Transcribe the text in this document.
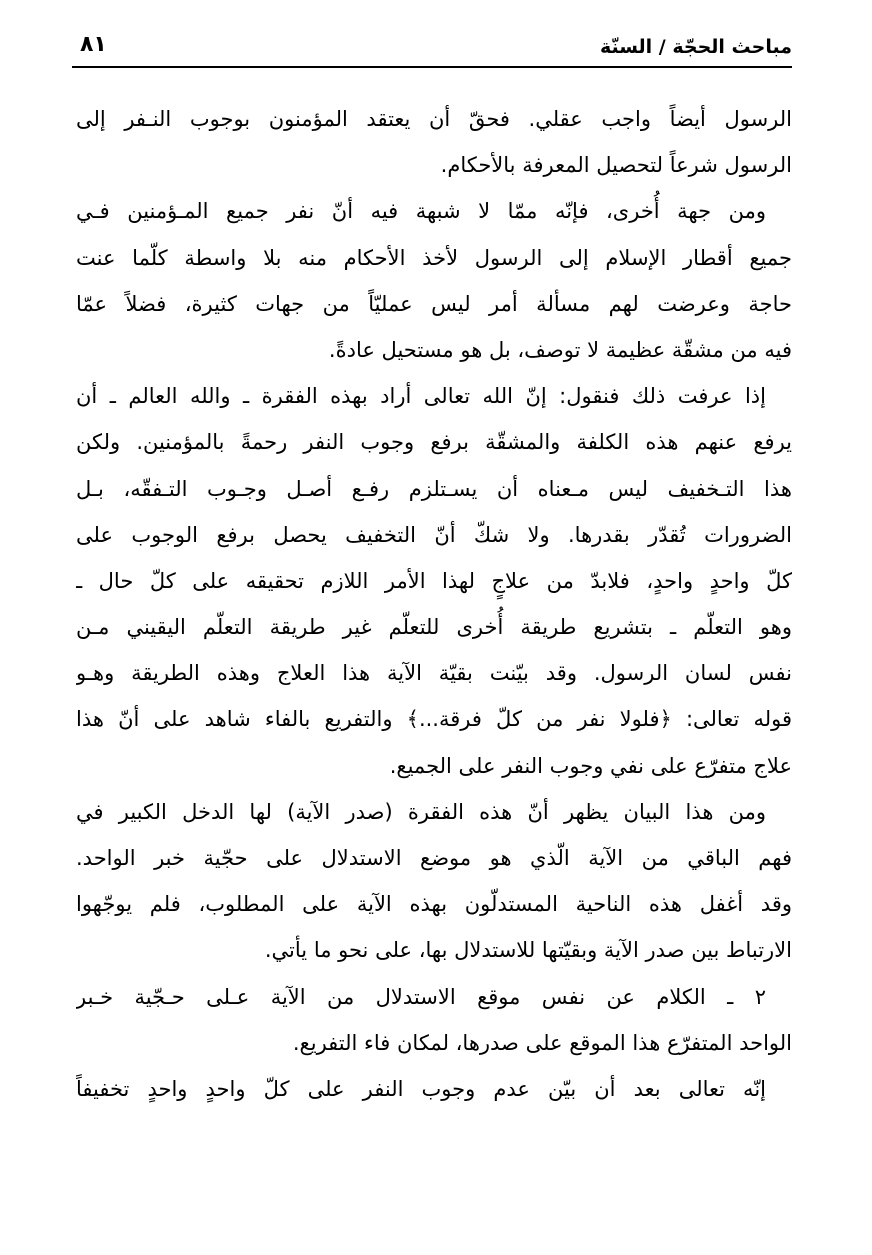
مباحث الحجّة / السنّة
٨١
الرسول أيضاً واجب عقلي. فحقّ أن يعتقد المؤمنون بوجوب النـفر إلى
الرسول شرعاً لتحصيل المعرفة بالأحكام.
ومن جهة أُخرى، فإنّه ممّا لا شبهة فيه أنّ نفر جميع المـؤمنين فـي
جميع أقطار الإسلام إلى الرسول لأخذ الأحكام منه بلا واسطة كلّما عنت
حاجة وعرضت لهم مسألة أمر ليس عمليّاً من جهات كثيرة، فضلاً عمّا
فيه من مشقّة عظيمة لا توصف، بل هو مستحيل عادةً.
إذا عرفت ذلك فنقول: إنّ الله تعالى أراد بهذه الفقرة ـ والله العالم ـ أن
يرفع عنهم هذه الكلفة والمشقّة برفع وجوب النفر رحمةً بالمؤمنين. ولكن
هذا التـخفيف ليس مـعناه أن يسـتلزم رفـع أصـل وجـوب التـفقّه، بـل
الضرورات تُقدّر بقدرها. ولا شكّ أنّ التخفيف يحصل برفع الوجوب على
كلّ واحدٍ واحدٍ، فلابدّ من علاجٍ لهذا الأمر اللازم تحقيقه على كلّ حال ـ
وهو التعلّم ـ بتشريع طريقة أُخرى للتعلّم غير طريقة التعلّم اليقيني مـن
نفس لسان الرسول. وقد بيّنت بقيّة الآية هذا العلاج وهذه الطريقة وهـو
قوله تعالى: ﴿فلولا نفر من كلّ فرقة...﴾ والتفريع بالفاء شاهد على أنّ هذا
علاج متفرّع على نفي وجوب النفر على الجميع.
ومن هذا البيان يظهر أنّ هذه الفقرة (صدر الآية) لها الدخل الكبير في
فهم الباقي من الآية الّذي هو موضع الاستدلال على حجّية خبر الواحد.
وقد أغفل هذه الناحية المستدلّون بهذه الآية على المطلوب، فلم يوجّهوا
الارتباط بين صدر الآية وبقيّتها للاستدلال بها، على نحو ما يأتي.
٢ ـ الكلام عن نفس موقع الاستدلال من الآية عـلى حـجّية خـبر
الواحد المتفرّع هذا الموقع على صدرها، لمكان فاء التفريع.
إنّه تعالى بعد أن بيّن عدم وجوب النفر على كلّ واحدٍ واحدٍ تخفيفاً
